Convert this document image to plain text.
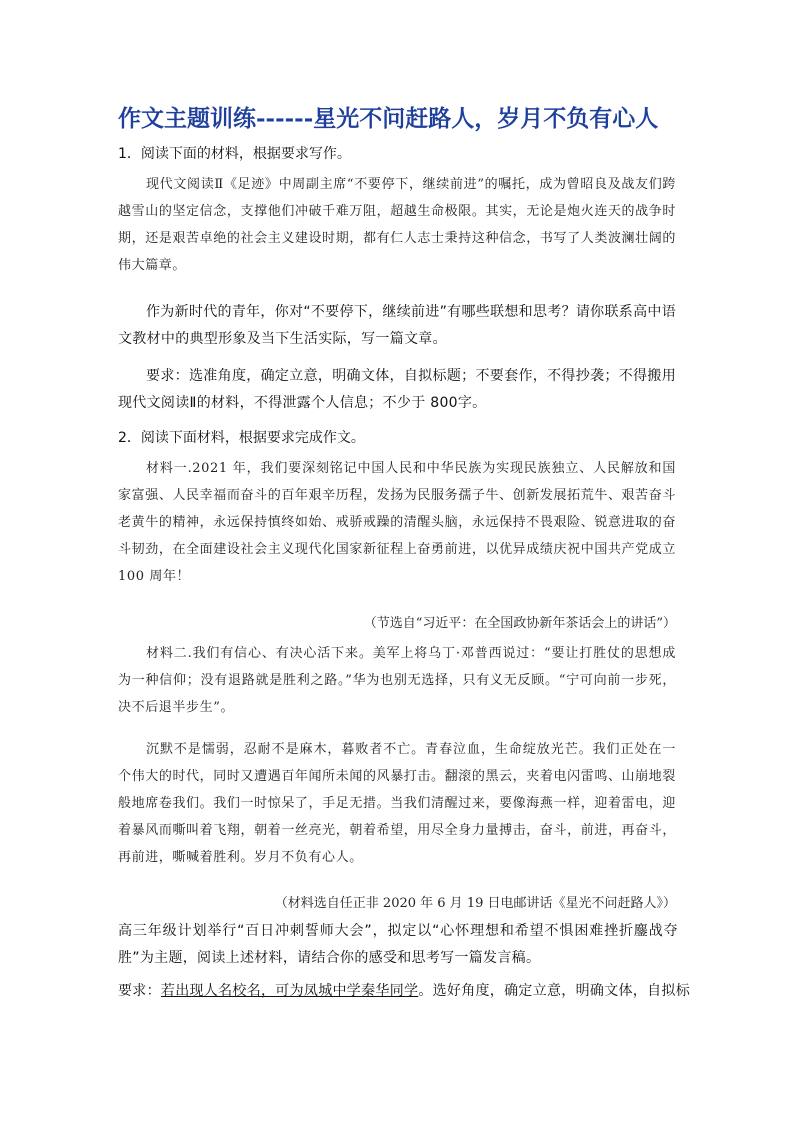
作文主题训练------星光不问赶路人，岁月不负有心人
1．阅读下面的材料，根据要求写作。
现代文阅读Ⅱ《足迹》中周副主席“不要停下，继续前进”的嘱托，成为曾昭良及战友们跨越雪山的坚定信念，支撑他们冲破千难万阻，超越生命极限。其实，无论是炮火连天的战争时期，还是艰苦卓绝的社会主义建设时期，都有仁人志士秉持这种信念，书写了人类波澜壮阔的伟大篇章。
作为新时代的青年，你对“不要停下，继续前进”有哪些联想和思考？请你联系高中语文教材中的典型形象及当下生活实际，写一篇文章。
要求：选准角度，确定立意，明确文体，自拟标题；不要套作，不得抄袭；不得搬用现代文阅读Ⅱ的材料，不得泄露个人信息；不少于 800字。
2．阅读下面材料，根据要求完成作文。
材料一.2021 年，我们要深刻铭记中国人民和中华民族为实现民族独立、人民解放和国家富强、人民幸福而奋斗的百年艰辛历程，发扬为民服务孺子牛、创新发展拓荒牛、艰苦奋斗老黄牛的精神，永远保持慎终如始、戒骄戒躁的清醒头脑，永远保持不畏艰险、锐意进取的奋斗韧劲，在全面建设社会主义现代化国家新征程上奋勇前进，以优异成绩庆祝中国共产党成立 100 周年！
（节选自“习近平：在全国政协新年茶话会上的讲话”）
材料二.我们有信心、有决心活下来。美军上将乌丁·邓普西说过：“要让打胜仗的思想成为一种信仰；没有退路就是胜利之路。”华为也别无选择，只有义无反顾。“宁可向前一步死，决不后退半步生”。
沉默不是懦弱，忍耐不是麻木，暮败者不亡。青春泣血，生命绽放光芒。我们正处在一个伟大的时代，同时又遭遇百年闻所未闻的风暴打击。翻滚的黑云，夹着电闪雷鸣、山崩地裂般地席卷我们。我们一时惊呆了，手足无措。当我们清醒过来，要像海燕一样，迎着雷电，迎着暴风而嘶叫着飞翔，朝着一丝亮光，朝着希望，用尽全身力量搏击，奋斗，前进，再奋斗，再前进，嘶喊着胜利。岁月不负有心人。
（材料选自任正非 2020 年 6 月 19 日电邮讲话《星光不问赶路人》）
高三年级计划举行“百日冲刺誓师大会”，拟定以“心怀理想和希望不惧困难挫折鏖战夺胜”为主题，阅读上述材料，请结合你的感受和思考写一篇发言稿。
要求：若出现人名校名，可为凤城中学秦华同学。选好角度，确定立意，明确文体，自拟标
